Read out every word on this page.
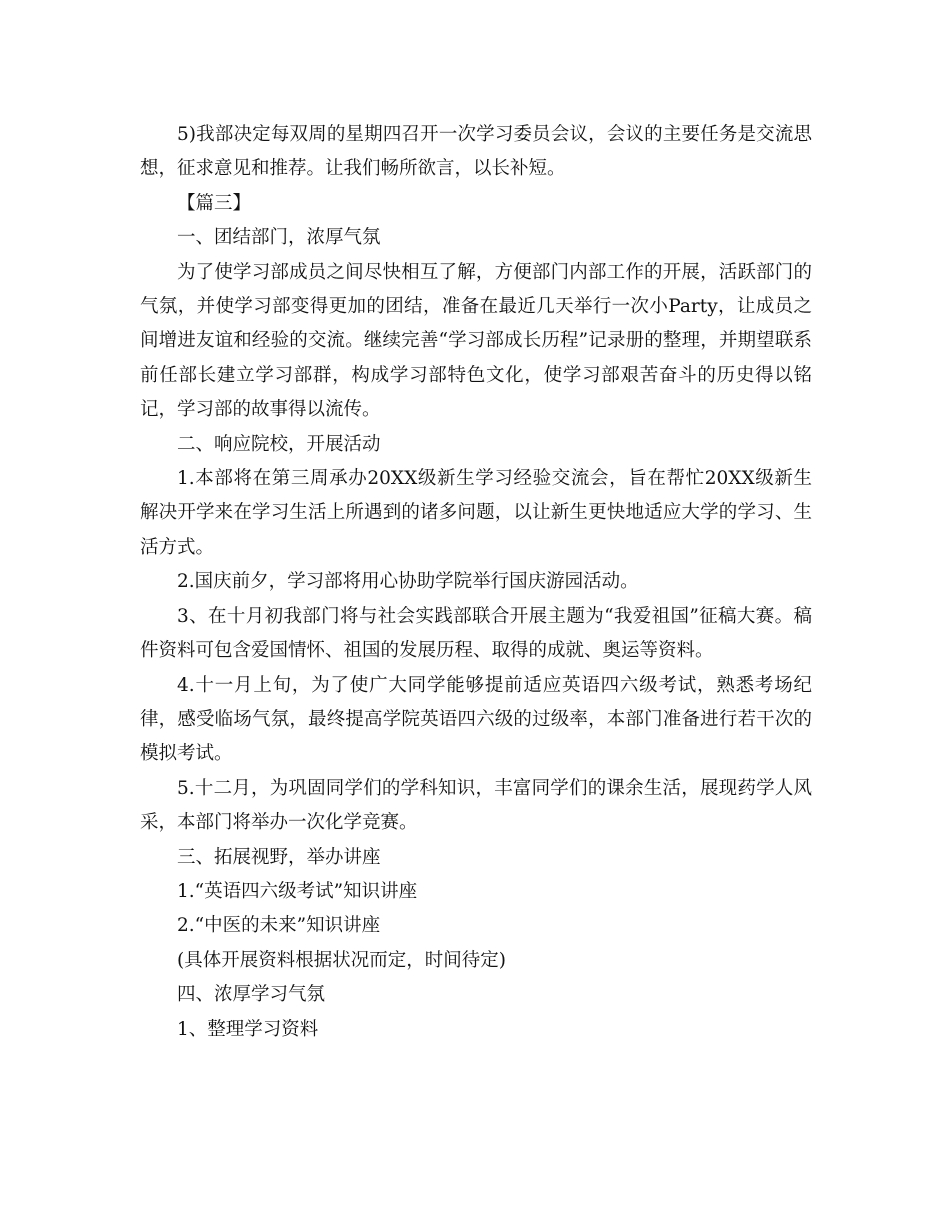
5)我部决定每双周的星期四召开一次学习委员会议，会议的主要任务是交流思想，征求意见和推荐。让我们畅所欲言，以长补短。

【篇三】

一、团结部门，浓厚气氛

为了使学习部成员之间尽快相互了解，方便部门内部工作的开展，活跃部门的气氛，并使学习部变得更加的团结，准备在最近几天举行一次小Party，让成员之间增进友谊和经验的交流。继续完善“学习部成长历程”记录册的整理，并期望联系前任部长建立学习部群，构成学习部特色文化，使学习部艰苦奋斗的历史得以铭记，学习部的故事得以流传。

二、响应院校，开展活动

1.本部将在第三周承办20XX级新生学习经验交流会，旨在帮忙20XX级新生解决开学来在学习生活上所遇到的诸多问题，以让新生更快地适应大学的学习、生活方式。

2.国庆前夕，学习部将用心协助学院举行国庆游园活动。

3、在十月初我部门将与社会实践部联合开展主题为“我爱祖国”征稿大赛。稿件资料可包含爱国情怀、祖国的发展历程、取得的成就、奥运等资料。

4.十一月上旬，为了使广大同学能够提前适应英语四六级考试，熟悉考场纪律，感受临场气氛，最终提高学院英语四六级的过级率，本部门准备进行若干次的模拟考试。

5.十二月，为巩固同学们的学科知识，丰富同学们的课余生活，展现药学人风采，本部门将举办一次化学竞赛。

三、拓展视野，举办讲座

1.“英语四六级考试”知识讲座

2.“中医的未来”知识讲座

(具体开展资料根据状况而定，时间待定)

四、浓厚学习气氛

1、整理学习资料
